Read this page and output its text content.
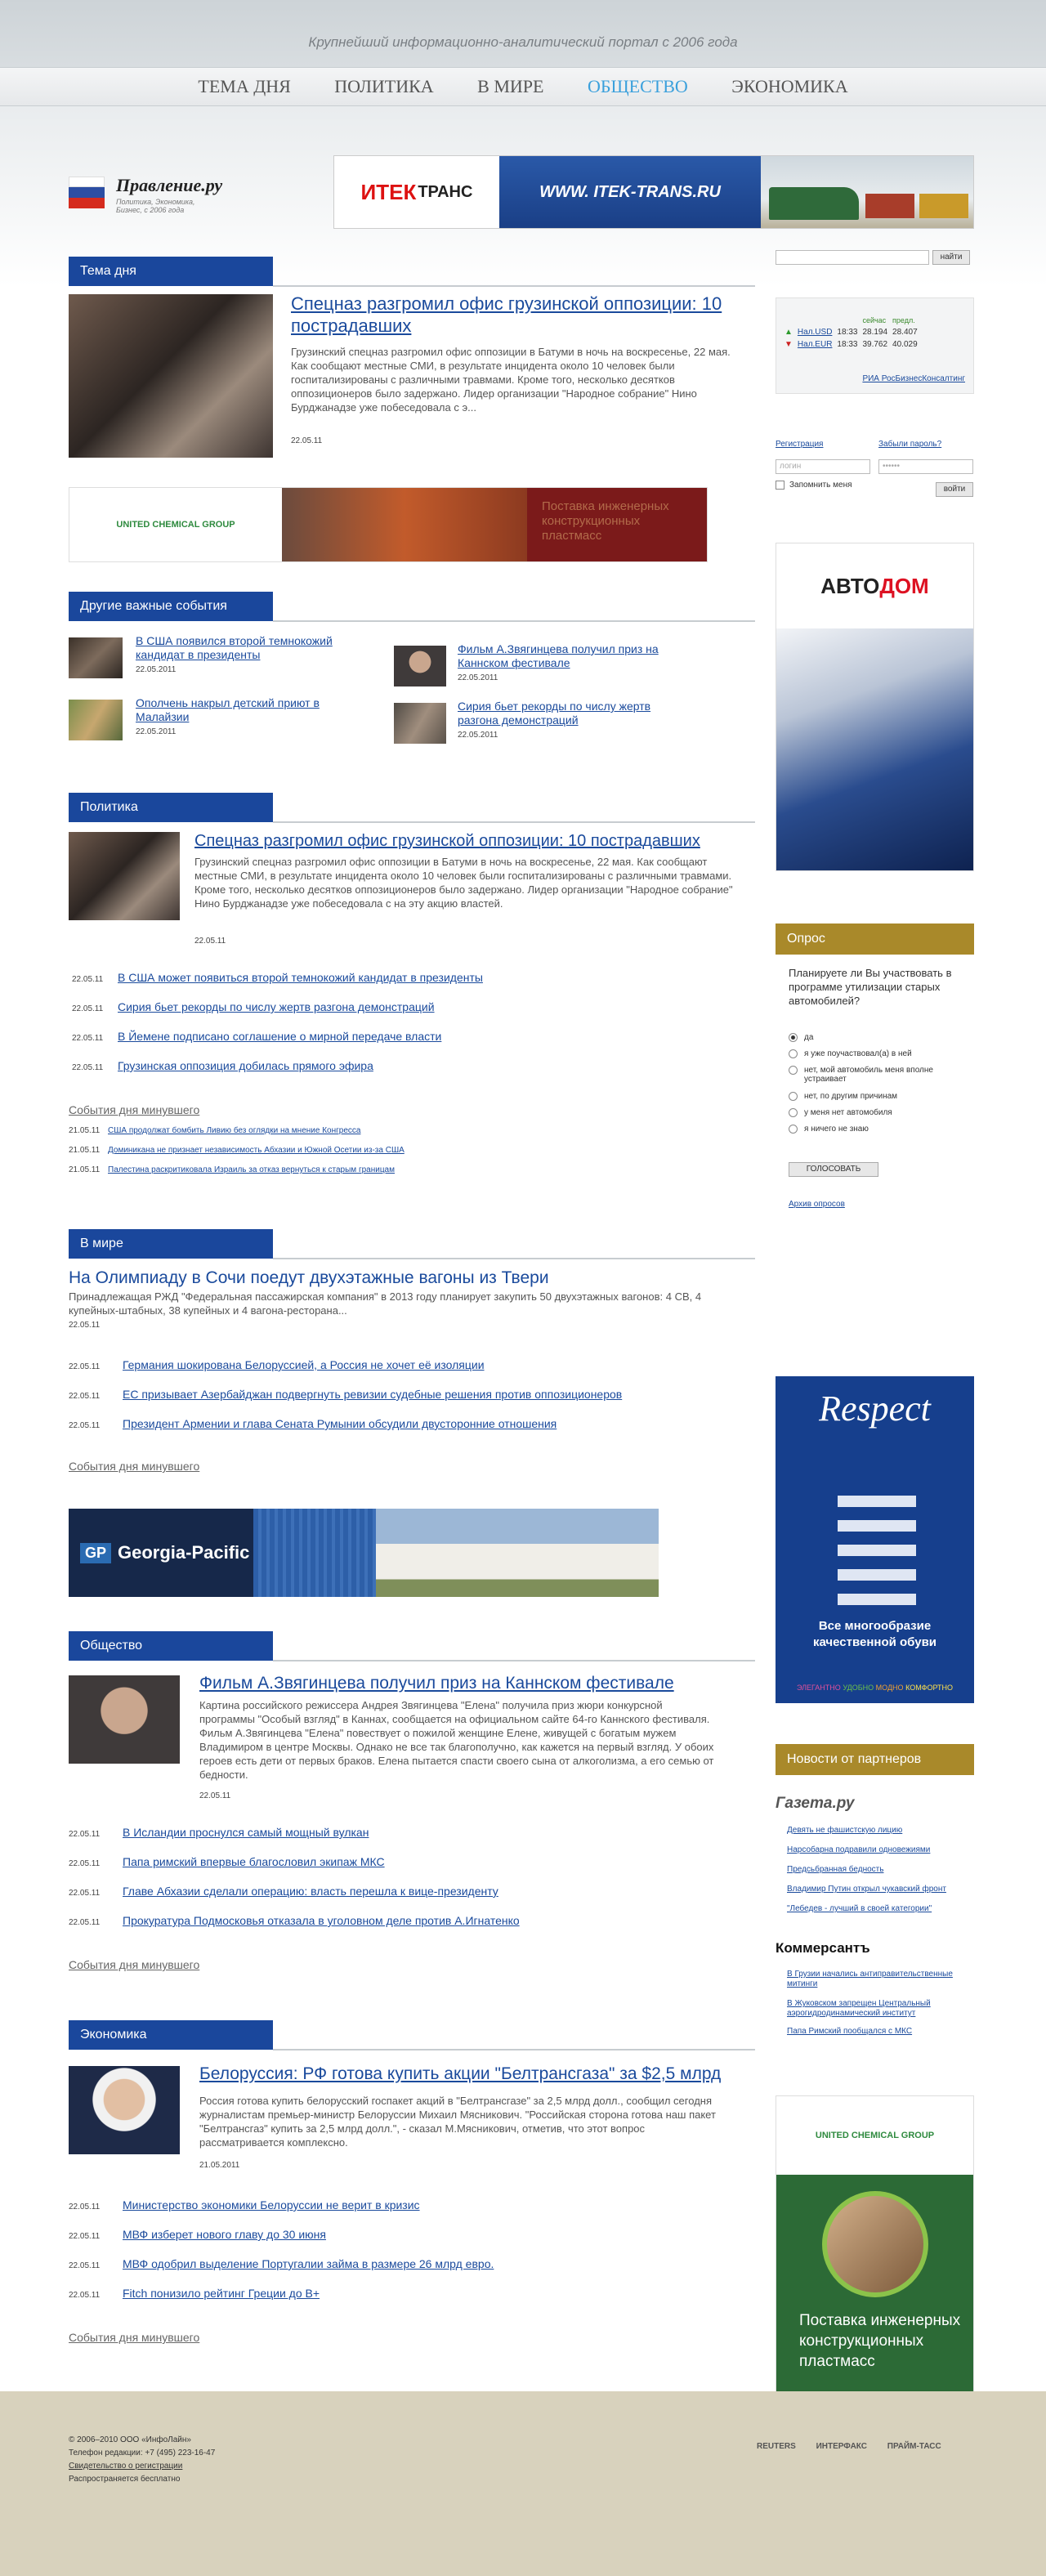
Крупнейший информационно-аналитический портал с 2006 года
ТЕМА ДНЯ ПОЛИТИКА В МИРЕ ОБЩЕСТВО ЭКОНОМИКА
Правление.ру
Политика, Экономика, Бизнес, с 2006 года
ИТЕК ТРАНС	WWW. ITEK-TRANS.RU
Тема дня
Спецназ разгромил офис грузинской оппозиции: 10 пострадавших
Грузинский спецназ разгромил офис оппозиции в Батуми в ночь на воскресенье, 22 мая. Как сообщают местные СМИ, в результате инцидента около 10 человек были госпитализированы с различными травмами. Кроме того, несколько десятков оппозиционеров было задержано. Лидер организации "Народное собрание" Нино Бурджанадзе уже побеседовала с э...
22.05.11
UNITED CHEMICAL GROUP
Поставка инженерных конструкционных пластмасс
Другие важные события
В США появился второй темнокожий кандидат в президенты
22.05.2011
Фильм А.Звягинцева получил приз на Каннском фестивале
22.05.2011
Ополчень накрыл детский приют в Малайзии
22.05.2011
Сирия бьет рекорды по числу жертв разгона демонстраций
22.05.2011
Политика
Спецназ разгромил офис грузинской оппозиции: 10 пострадавших
Грузинский спецназ разгромил офис оппозиции в Батуми в ночь на воскресенье, 22 мая. Как сообщают местные СМИ, в результате инцидента около 10 человек были госпитализированы с различными травмами. Кроме того, несколько десятков оппозиционеров было задержано. Лидер организации "Народное собрание" Нино Бурджанадзе уже побеседовала с на эту акцию властей.
22.05.11
22.05.11 В США может появиться второй темнокожий кандидат в президенты
22.05.11 Сирия бьет рекорды по числу жертв разгона демонстраций
22.05.11 В Йемене подписано соглашение о мирной передаче власти
22.05.11 Грузинская оппозиция добилась прямого эфира
События дня минувшего
21.05.11 США продолжат бомбить Ливию без оглядки на мнение Конгресса
21.05.11 Доминикана не признает независимость Абхазии и Южной Осетии из-за США
21.05.11 Палестина раскритиковала Израиль за отказ вернуться к старым границам
В мире
На Олимпиаду в Сочи поедут двухэтажные вагоны из Твери
Принадлежащая РЖД "Федеральная пассажирская компания" в 2013 году планирует закупить 50 двухэтажных вагонов: 4 СВ, 4 купейных-штабных, 38 купейных и 4 вагона-ресторана...
22.05.11
22.05.11 Германия шокирована Белоруссией, а Россия не хочет её изоляции
22.05.11 ЕС призывает Азербайджан подвергнуть ревизии судебные решения против оппозиционеров
22.05.11 Президент Армении и глава Сената Румынии обсудили двусторонние отношения
События дня минувшего
GP Georgia-Pacific
Общество
Фильм А.Звягинцева получил приз на Каннском фестивале
Картина российского режиссера Андрея Звягинцева "Елена" получила приз жюри конкурсной программы "Особый взгляд" в Каннах, сообщается на официальном сайте 64-го Каннского фестиваля. Фильм А.Звягинцева "Елена" повествует о пожилой женщине Елене, живущей с богатым мужем Владимиром в центре Москвы. Однако не все так благополучно, как кажется на первый взгляд. У обоих героев есть дети от первых браков. Елена пытается спасти своего сына от алкоголизма, а его семью от бедности.
22.05.11
22.05.11 В Исландии проснулся самый мощный вулкан
22.05.11 Папа римский впервые благословил экипаж МКС
22.05.11 Главе Абхазии сделали операцию: власть перешла к вице-президенту
22.05.11 Прокуратура Подмосковья отказала в уголовном деле против А.Игнатенко
События дня минувшего
Экономика
Белоруссия: РФ готова купить акции "Белтрансгаза" за $2,5 млрд
Россия готова купить белорусский госпакет акций в "Белтрансгазе" за 2,5 млрд долл., сообщил сегодня журналистам премьер-министр Белоруссии Михаил Мясникович. "Российская сторона готова наш пакет "Белтрансгаз" купить за 2,5 млрд долл.", - сказал М.Мясникович, отметив, что этот вопрос рассматривается комплексно.
21.05.2011
22.05.11 Министерство экономики Белоруссии не верит в кризис
22.05.11 МВФ изберет нового главу до 30 июня
22.05.11 МВФ одобрил выделение Португалии займа в размере 26 млрд евро.
22.05.11 Fitch понизило рейтинг Греции до B+
События дня минувшего
найти
			сейчас	предл.
▲	Нал.USD	18:33	28.194	28.407
▼	Нал.EUR	18:33	39.762	40.029
РИА РосБизнесКонсалтинг
Регистрация	Забыли пароль?
логин	••••••
Запомнить меня	войти
АВТО ДОМ
Опрос
Планируете ли Вы участвовать в программе утилизации старых автомобилей?
да
я уже поучаствовал(а) в ней
нет, мой автомобиль меня вполне устраивает
нет, по другим причинам
у меня нет автомобиля
я ничего не знаю
ГОЛОСОВАТЬ
Архив опросов
Respect
Все многообразие качественной обуви
ЭЛЕГАНТНО УДОБНО МОДНО КОМФОРТНО
Новости от партнеров
Газета.ру
Девять не фашистскую лицию
Нарсобарна подравили одновежиями
Предсьбранная бедность
Владимир Путин открыл чукавский фронт
"Лебедев - лучший в своей категории"
Коммерсантъ
В Грузии начались антиправительственные митинги
В Жуковском запрещен Центральный аэрогидродинамический институт
Папа Римский пообщался с МКС
UNITED CHEMICAL GROUP
Поставка инженерных конструкционных пластмасс
© 2006–2010 ООО «ИнфоЛайн»
Телефон редакции: +7 (495) 223-16-47
Свидетельство о регистрации
Распространяется бесплатно
REUTERS ИНТЕРФАКС ПРАЙМ-ТАСС
